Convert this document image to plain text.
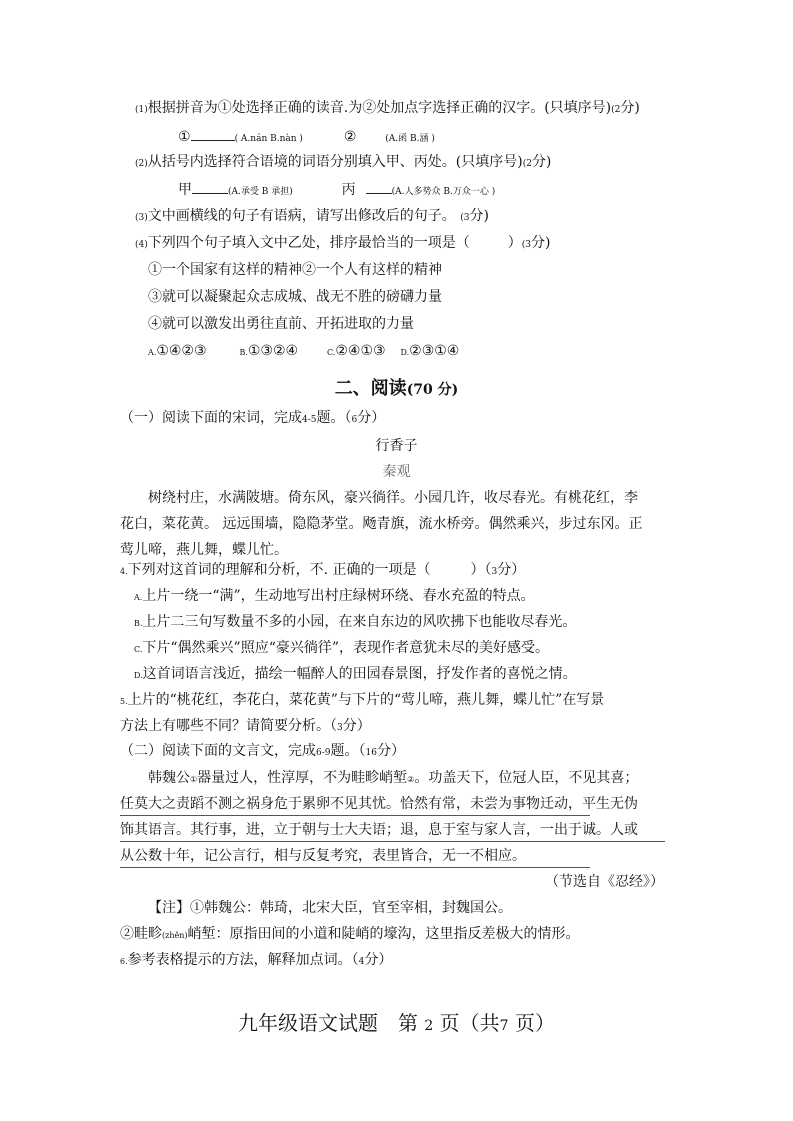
(1)根据拼音为①处选择正确的读音.为②处加点字选择正确的汉字。(只填序号)(2分)
①	( A.nán B.nàn )	②	(A.函 B.涵 )
(2)从括号内选择符合语境的词语分别填入甲、丙处。(只填序号)(2分)
甲	(A.承受 B 承担)	丙	(A.人多势众 B.万众一心 )
(3)文中画横线的句子有语病，请写出修改后的句子。 (3分)
(4)下列四个句子填入文中乙处，排序最恰当的一项是（	）(3分)
①一个国家有这样的精神②一个人有这样的精神
③就可以凝聚起众志成城、战无不胜的磅礴力量
④就可以激发出勇往直前、开拓进取的力量
A.①④②③	B.①③②④	C.②④①③ D.②③①④
二、阅读(70 分)
（一）阅读下面的宋词，完成4-5题。（6分）
行香子
秦观
树绕村庄，水满陂塘。倚东风，豪兴徜徉。小园几许，收尽春光。有桃花红，李
花白，菜花黄。 远远围墙，隐隐茅堂。飏青旗，流水桥旁。偶然乘兴，步过东冈。正
莺儿啼，燕儿舞，蝶儿忙。
4.下列对这首词的理解和分析，不. 正确的一项是（	）（3分）
A.上片一绕一“满”，生动地写出村庄绿树环绕、春水充盈的特点。
B.上片二三句写数量不多的小园，在来自东边的风吹拂下也能收尽春光。
C.下片“偶然乘兴”照应“豪兴徜徉”，表现作者意犹未尽的美好感受。
D.这首词语言浅近，描绘一幅醉人的田园春景图，抒发作者的喜悦之情。
5.上片的“桃花红，李花白，菜花黄”与下片的“莺儿啼，燕儿舞，蝶儿忙”在写景
方法上有哪些不同？请简要分析。（3分）
（二）阅读下面的文言文，完成6-9题。（16分）
韩魏公①器量过人，性淳厚，不为畦畛峭堑②。功盖天下，位冠人臣，不见其喜；
任莫大之责蹈不测之祸身危于累卵不见其忧。恰然有常，未尝为事物迁动，平生无伪
饰其语言。其行事，进，立于朝与士大夫语；退，息于室与家人言，一出于诚。人或
从公数十年，记公言行，相与反复考究，表里皆合，无一不相应。
（节选自《忍经》）
【注】①韩魏公：韩琦，北宋大臣，官至宰相，封魏国公。
②畦畛(zhěn)峭堑：原指田间的小道和陡峭的壕沟，这里指反差极大的情形。
6.参考表格提示的方法，解释加点词。（4分）
九年级语文试题　第 2 页（共7 页）
